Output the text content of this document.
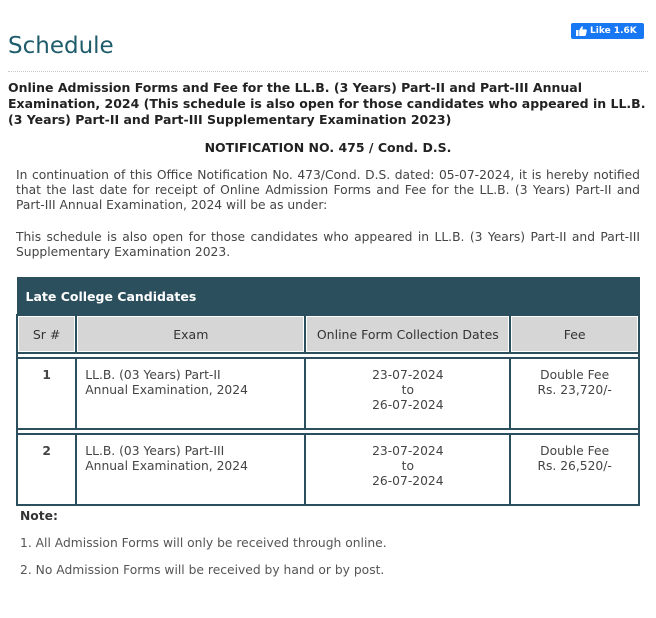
Schedule
Like 1.6K
Online Admission Forms and Fee for the LL.B. (3 Years) Part-II and Part-III Annual Examination, 2024 (This schedule is also open for those candidates who appeared in LL.B. (3 Years) Part-II and Part-III Supplementary Examination 2023)
NOTIFICATION NO. 475 / Cond. D.S.

In continuation of this Office Notification No. 473/Cond. D.S. dated: 05-07-2024, it is hereby notified that the last date for receipt of Online Admission Forms and Fee for the LL.B. (3 Years) Part-II and Part-III Annual Examination, 2024 will be as under:

This schedule is also open for those candidates who appeared in LL.B. (3 Years) Part-II and Part-III Supplementary Examination 2023.

Late College Candidates			
Sr #	Exam	Online Form Collection Dates	Fee

1	LL.B. (03 Years) Part-II
Annual Examination, 2024	23-07-2024
to
26-07-2024	Double Fee
Rs. 23,720/-

2	LL.B. (03 Years) Part-III
Annual Examination, 2024	23-07-2024
to
26-07-2024	Double Fee
Rs. 26,520/-
Note:
1. All Admission Forms will only be received through online.
2. No Admission Forms will be received by hand or by post.
